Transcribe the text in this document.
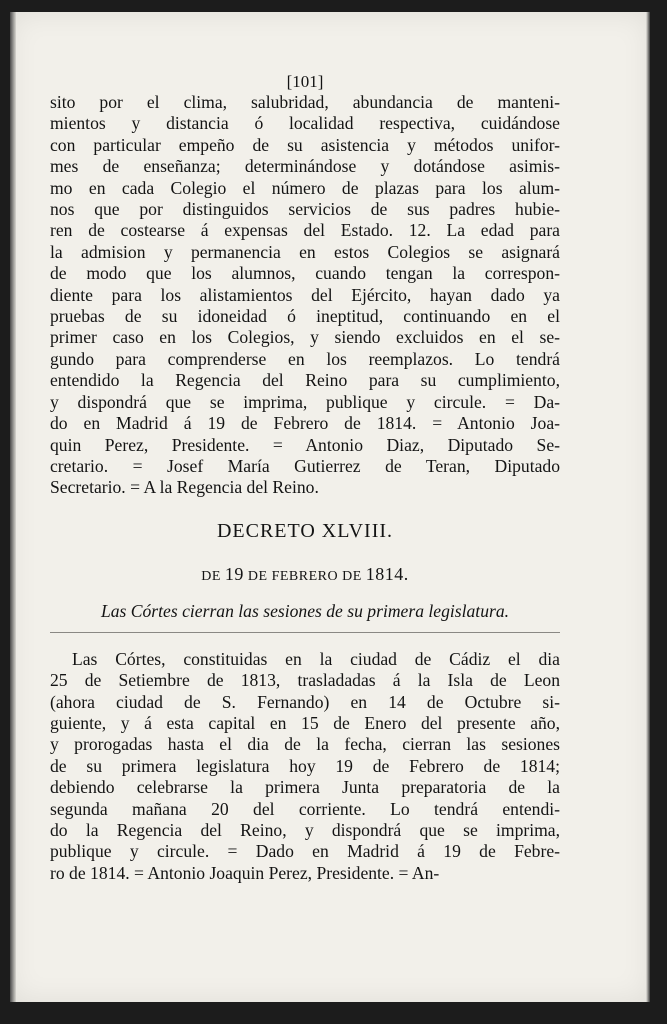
[101]
sito por el clima, salubridad, abundancia de manteni-
mientos y distancia ó localidad respectiva, cuidándose
con particular empeño de su asistencia y métodos unifor-
mes de enseñanza; determinándose y dotándose asimis-
mo en cada Colegio el número de plazas para los alum-
nos que por distinguidos servicios de sus padres hubie-
ren de costearse á expensas del Estado. 12. La edad para
la admision y permanencia en estos Colegios se asignará
de modo que los alumnos, cuando tengan la correspon-
diente para los alistamientos del Ejército, hayan dado ya
pruebas de su idoneidad ó ineptitud, continuando en el
primer caso en los Colegios, y siendo excluidos en el se-
gundo para comprenderse en los reemplazos. Lo tendrá
entendido la Regencia del Reino para su cumplimiento,
y dispondrá que se imprima, publique y circule. = Da-
do en Madrid á 19 de Febrero de 1814. = Antonio Joa-
quin Perez, Presidente. = Antonio Diaz, Diputado Se-
cretario. = Josef María Gutierrez de Teran, Diputado
Secretario. = A la Regencia del Reino.
DECRETO XLVIII.
DE 19 DE FEBRERO DE 1814.
Las Córtes cierran las sesiones de su primera legislatura.
Las Córtes, constituidas en la ciudad de Cádiz el dia
25 de Setiembre de 1813, trasladadas á la Isla de Leon
(ahora ciudad de S. Fernando) en 14 de Octubre si-
guiente, y á esta capital en 15 de Enero del presente año,
y prorogadas hasta el dia de la fecha, cierran las sesiones
de su primera legislatura hoy 19 de Febrero de 1814;
debiendo celebrarse la primera Junta preparatoria de la
segunda mañana 20 del corriente. Lo tendrá entendi-
do la Regencia del Reino, y dispondrá que se imprima,
publique y circule. = Dado en Madrid á 19 de Febre-
ro de 1814. = Antonio Joaquin Perez, Presidente. = An-
